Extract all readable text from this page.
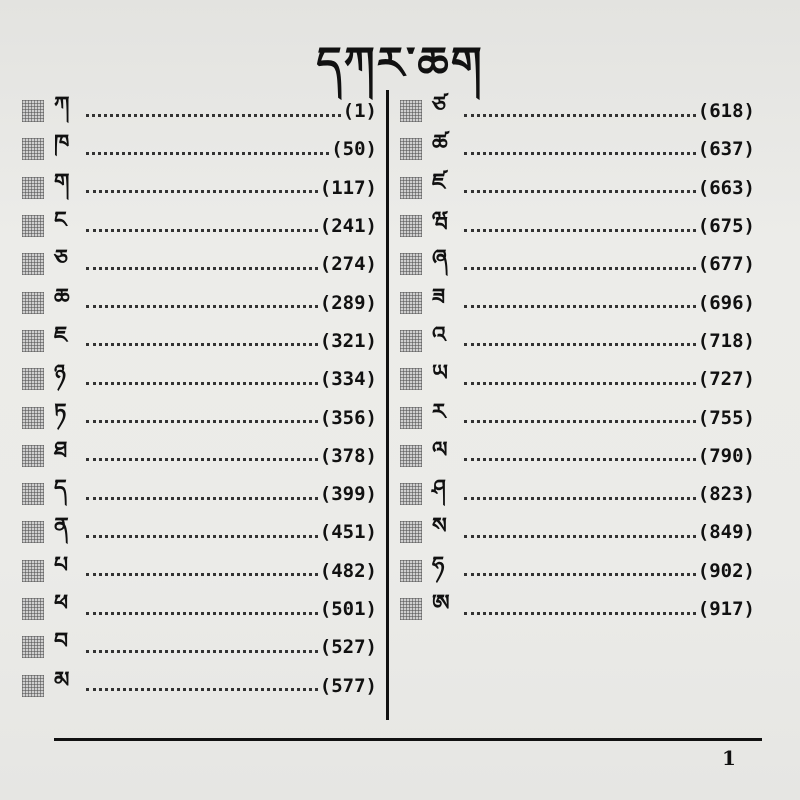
དཀར་ཆག
ཀ	(1)
ཁ	(50)
ག	(117)
ང	(241)
ཅ	(274)
ཆ	(289)
ཇ	(321)
ཉ	(334)
ཏ	(356)
ཐ	(378)
ད	(399)
ན	(451)
པ	(482)
ཕ	(501)
བ	(527)
མ	(577)
ཙ	(618)
ཚ	(637)
ཛ	(663)
ཝ	(675)
ཞ	(677)
ཟ	(696)
འ	(718)
ཡ	(727)
ར	(755)
ལ	(790)
ཤ	(823)
ས	(849)
ཧ	(902)
ཨ	(917)
1
